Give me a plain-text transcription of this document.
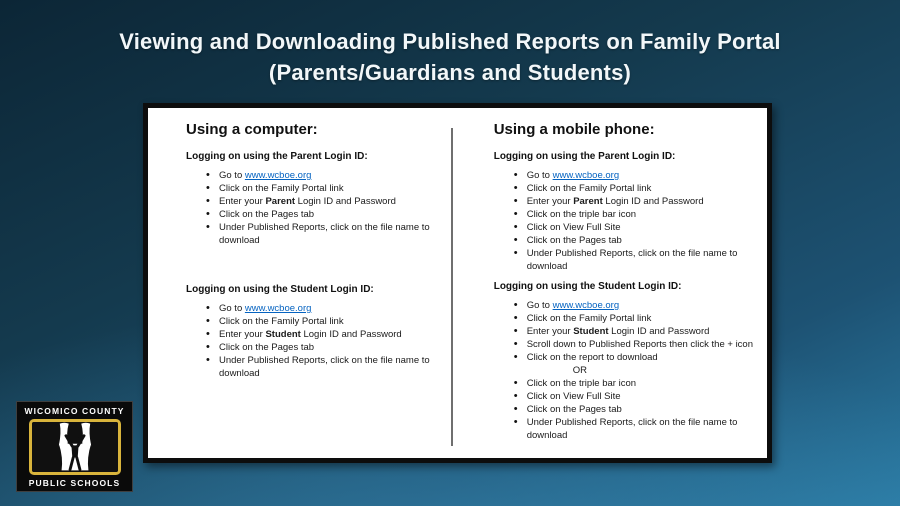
Viewing and Downloading Published Reports on Family Portal
(Parents/Guardians and Students)
Using a computer:
Logging on using the Parent Login ID:
• Go to www.wcboe.org
• Click on the Family Portal link
• Enter your Parent Login ID and Password
• Click on the Pages tab
• Under Published Reports, click on the file name to download
Logging on using the Student Login ID:
• Go to www.wcboe.org
• Click on the Family Portal link
• Enter your Student Login ID and Password
• Click on the Pages tab
• Under Published Reports, click on the file name to download
Using a mobile phone:
Logging on using the Parent Login ID:
• Go to www.wcboe.org
• Click on the Family Portal link
• Enter your Parent Login ID and Password
• Click on the triple bar icon
• Click on View Full Site
• Click on the Pages tab
• Under Published Reports, click on the file name to download
Logging on using the Student Login ID:
• Go to www.wcboe.org
• Click on the Family Portal link
• Enter your Student Login ID and Password
• Scroll down to Published Reports then click the + icon
• Click on the report to download
OR
• Click on the triple bar icon
• Click on View Full Site
• Click on the Pages tab
• Under Published Reports, click on the file name to download
WICOMICO COUNTY
PUBLIC SCHOOLS
